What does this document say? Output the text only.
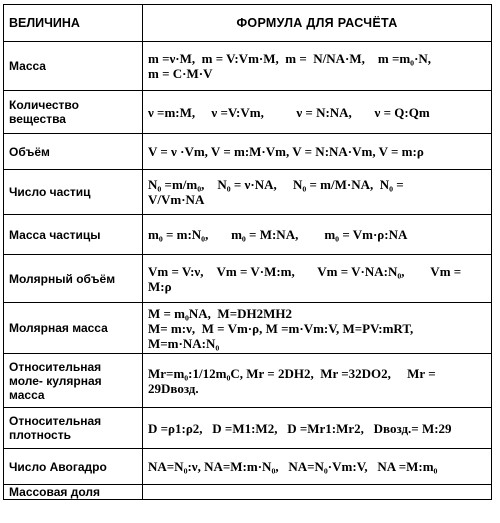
ВЕЛИЧИНА	ФОРМУЛА ДЛЯ РАСЧЁТА
Масса	m =ν·M,  m = V:Vm·M,  m =  N/NA·M,    m =m₀·N,
m = C·M·V
Количество вещества	ν =m:M,     ν =V:Vm,          ν = N:NA,       ν = Q:Qm
Объём	V = ν ·Vm, V = m:M·Vm, V = N:NA·Vm, V = m:ρ
Число частиц	N₀ =m/m₀,    N₀ = ν·NA,     N₀ = m/M·NA,  N₀ =
V/Vm·NA
Масса частицы	m₀ = m:N₀,       m₀ = M:NA,        m₀ = Vm·ρ:NA
Молярный объём	Vm = V:ν,    Vm = V·M:m,       Vm = V·NA:N₀,        Vm =
M:ρ
Молярная масса	M = m₀NA,  M=DH2MH2
M= m:ν,  M = Vm·ρ, M =m·Vm:V, M=PV:mRT,
M=m·NA:N₀
Относительная моле- кулярная масса	Mr=m₀:1/12m₀C, Mr = 2DH2,  Mr =32DO2,     Mr =
29Dвозд.
Относительная плотность	D =ρ1:ρ2,   D =M1:M2,   D =Mr1:Mr2,   Dвозд.= M:29
Число Авогадро	NA=N₀:ν, NA=M:m·N₀,   NA=N₀·Vm:V,   NA =M:m₀
Массовая доля	
